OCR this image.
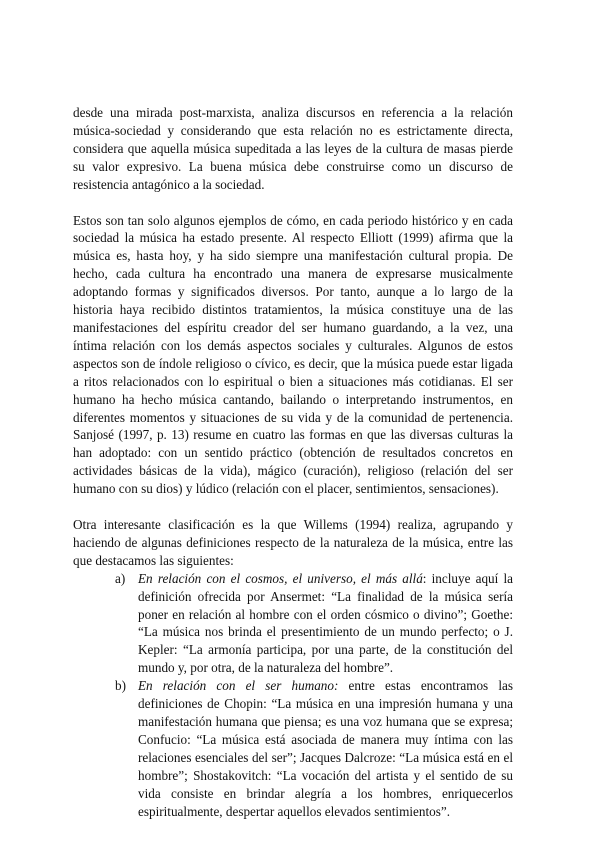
desde una mirada post-marxista, analiza discursos en referencia a la relación música-sociedad y considerando que esta relación no es estrictamente directa, considera que aquella música supeditada a las leyes de la cultura de masas pierde su valor expresivo. La buena música debe construirse como un discurso de resistencia antagónico a la sociedad.

Estos son tan solo algunos ejemplos de cómo, en cada periodo histórico y en cada sociedad la música ha estado presente. Al respecto Elliott (1999) afirma que la música es, hasta hoy, y ha sido siempre una manifestación cultural propia. De hecho, cada cultura ha encontrado una manera de expresarse musicalmente adoptando formas y significados diversos. Por tanto, aunque a lo largo de la historia haya recibido distintos tratamientos, la música constituye una de las manifestaciones del espíritu creador del ser humano guardando, a la vez, una íntima relación con los demás aspectos sociales y culturales. Algunos de estos aspectos son de índole religioso o cívico, es decir, que la música puede estar ligada a ritos relacionados con lo espiritual o bien a situaciones más cotidianas. El ser humano ha hecho música cantando, bailando o interpretando instrumentos, en diferentes momentos y situaciones de su vida y de la comunidad de pertenencia. Sanjosé (1997, p. 13) resume en cuatro las formas en que las diversas culturas la han adoptado: con un sentido práctico (obtención de resultados concretos en actividades básicas de la vida), mágico (curación), religioso (relación del ser humano con su dios) y lúdico (relación con el placer, sentimientos, sensaciones).

Otra interesante clasificación es la que Willems (1994) realiza, agrupando y haciendo de algunas definiciones respecto de la naturaleza de la música, entre las que destacamos las siguientes:

a) En relación con el cosmos, el universo, el más allá: incluye aquí la definición ofrecida por Ansermet: “La finalidad de la música sería poner en relación al hombre con el orden cósmico o divino”; Goethe: “La música nos brinda el presentimiento de un mundo perfecto; o J. Kepler: “La armonía participa, por una parte, de la constitución del mundo y, por otra, de la naturaleza del hombre”.
b) En relación con el ser humano: entre estas encontramos las definiciones de Chopin: “La música en una impresión humana y una manifestación humana que piensa; es una voz humana que se expresa; Confucio: “La música está asociada de manera muy íntima con las relaciones esenciales del ser”; Jacques Dalcroze: “La música está en el hombre”; Shostakovitch: “La vocación del artista y el sentido de su vida consiste en brindar alegría a los hombres, enriquecerlos espiritualmente, despertar aquellos elevados sentimientos”.
